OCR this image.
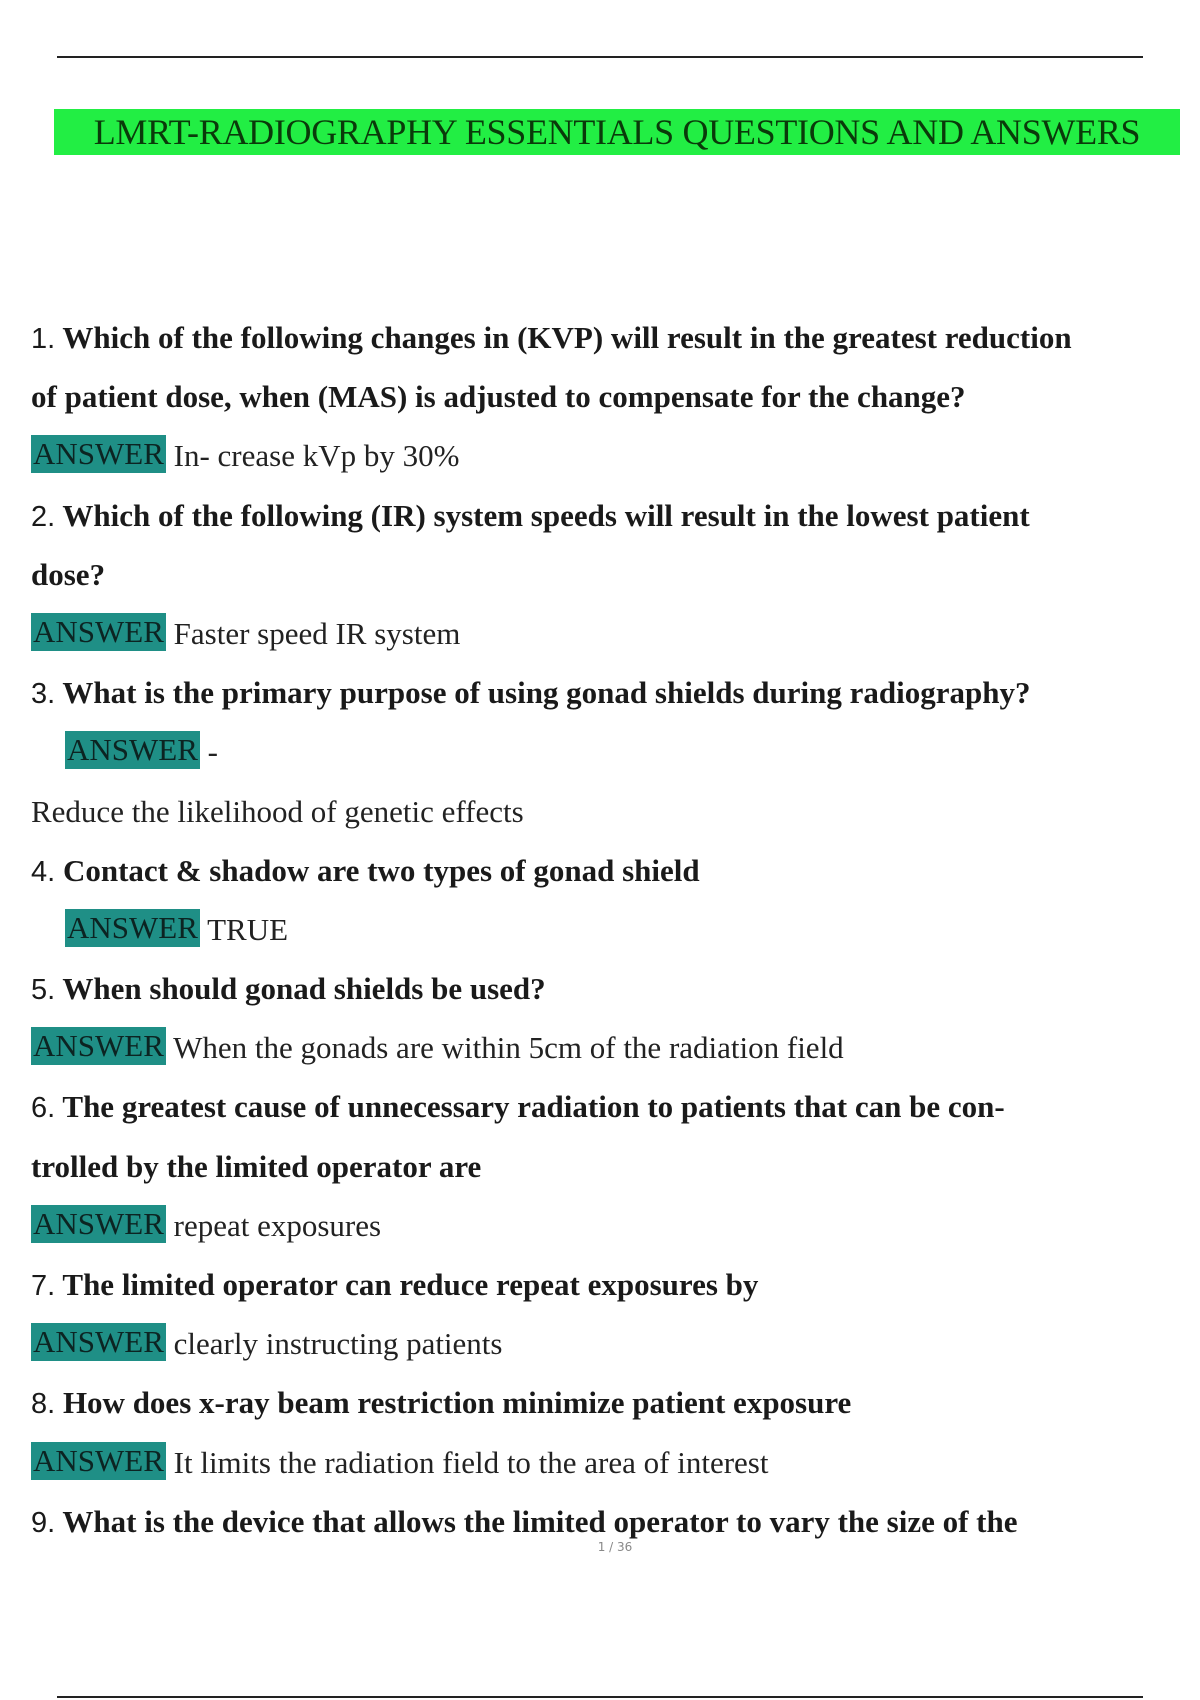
LMRT-RADIOGRAPHY ESSENTIALS QUESTIONS AND ANSWERS
1. Which of the following changes in (KVP) will result in the greatest reduction
of patient dose, when (MAS) is adjusted to compensate for the change?
ANSWER In- crease kVp by 30%
2. Which of the following (IR) system speeds will result in the lowest patient
dose?
ANSWER Faster speed IR system
3. What is the primary purpose of using gonad shields during radiography?
ANSWER -
Reduce the likelihood of genetic effects
4. Contact & shadow are two types of gonad shield
ANSWER TRUE
5. When should gonad shields be used?
ANSWER When the gonads are within 5cm of the radiation field
6. The greatest cause of unnecessary radiation to patients that can be con-
trolled by the limited operator are
ANSWER repeat exposures
7. The limited operator can reduce repeat exposures by
ANSWER clearly instructing patients
8. How does x-ray beam restriction minimize patient exposure
ANSWER It limits the radiation field to the area of interest
9. What is the device that allows the limited operator to vary the size of the
1 / 36
